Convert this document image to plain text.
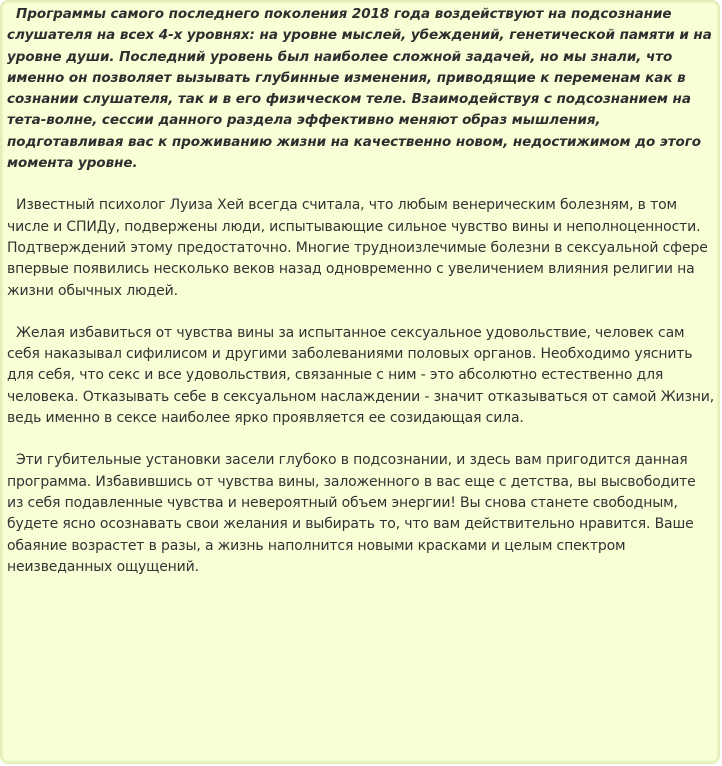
Программы самого последнего поколения 2018 года воздействуют на подсознание слушателя на всех 4-х уровнях: на уровне мыслей, убеждений, генетической памяти и на уровне души. Последний уровень был наиболее сложной задачей, но мы знали, что именно он позволяет вызывать глубинные изменения, приводящие к переменам как в сознании слушателя, так и в его физическом теле. Взаимодействуя с подсознанием на тета-волне, сессии данного раздела эффективно меняют образ мышления, подготавливая вас к проживанию жизни на качественно новом, недостижимом до этого момента уровне.

Известный психолог Луиза Хей всегда считала, что любым венерическим болезням, в том числе и СПИДу, подвержены люди, испытывающие сильное чувство вины и неполноценности. Подтверждений этому предостаточно. Многие трудноизлечимые болезни в сексуальной сфере впервые появились несколько веков назад одновременно с увеличением влияния религии на жизни обычных людей.

Желая избавиться от чувства вины за испытанное сексуальное удовольствие, человек сам себя наказывал сифилисом и другими заболеваниями половых органов. Необходимо уяснить для себя, что секс и все удовольствия, связанные с ним - это абсолютно естественно для человека. Отказывать себе в сексуальном наслаждении - значит отказываться от самой Жизни, ведь именно в сексе наиболее ярко проявляется ее созидающая сила.

Эти губительные установки засели глубоко в подсознании, и здесь вам пригодится данная программа. Избавившись от чувства вины, заложенного в вас еще с детства, вы высвободите из себя подавленные чувства и невероятный объем энергии! Вы снова станете свободным, будете ясно осознавать свои желания и выбирать то, что вам действительно нравится. Ваше обаяние возрастет в разы, а жизнь наполнится новыми красками и целым спектром неизведанных ощущений.
